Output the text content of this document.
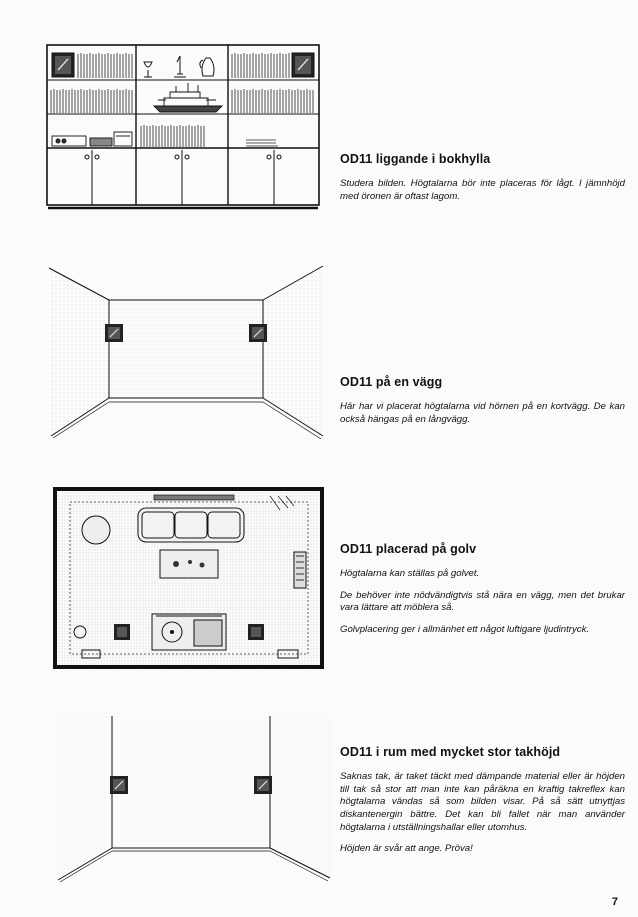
OD11 liggande i bokhylla

Studera bilden. Högtalarna bör inte placeras för lågt. I jämnhöjd med öronen är oftast lagom.

OD11 på en vägg

Här har vi placerat högtalarna vid hörnen på en kortvägg. De kan också hängas på en långvägg.

OD11 placerad på golv

Högtalarna kan ställas på golvet.

De behöver inte nödvändigtvis stå nära en vägg, men det brukar vara lättare att möblera så.

Golvplacering ger i allmänhet ett något luftigare ljudintryck.

OD11 i rum med mycket stor takhöjd

Saknas tak, är taket täckt med dämpande material eller är höjden till tak så stor att man inte kan påräkna en kraftig takreflex kan högtalarna vändas så som bilden visar. På så sätt utnyttjas diskantenergin bättre. Det kan bli fallet när man använder högtalarna i utställningshallar eller utomhus.

Höjden är svår att ange. Pröva!

7
